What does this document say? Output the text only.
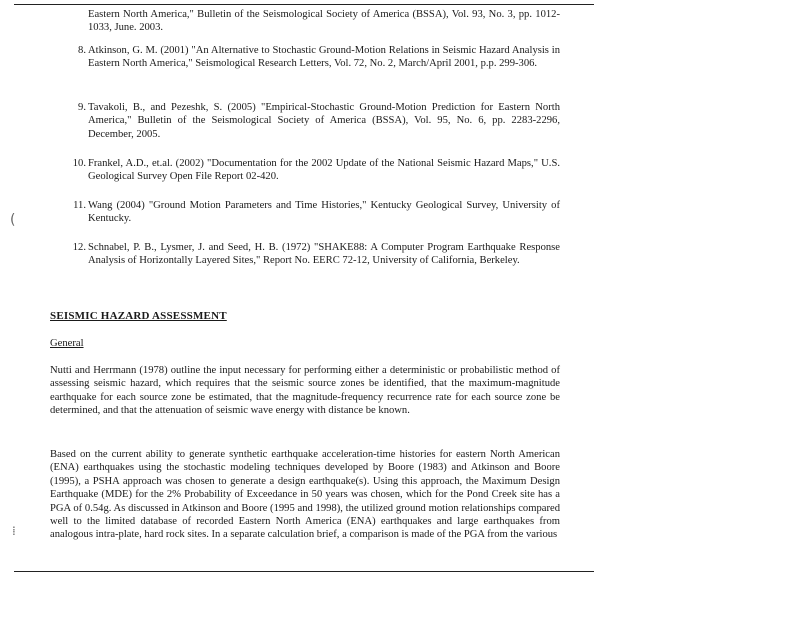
Eastern North America," Bulletin of the Seismological Society of America (BSSA), Vol. 93, No. 3, pp. 1012-1033, June. 2003.
8. Atkinson, G. M. (2001) "An Alternative to Stochastic Ground-Motion Relations in Seismic Hazard Analysis in Eastern North America," Seismological Research Letters, Vol. 72, No. 2, March/April 2001, p.p. 299-306.
9. Tavakoli, B., and Pezeshk, S. (2005) "Empirical-Stochastic Ground-Motion Prediction for Eastern North America," Bulletin of the Seismological Society of America (BSSA), Vol. 95, No. 6, pp. 2283-2296, December, 2005.
10. Frankel, A.D., et.al. (2002) "Documentation for the 2002 Update of the National Seismic Hazard Maps," U.S. Geological Survey Open File Report 02-420.
11. Wang (2004) "Ground Motion Parameters and Time Histories," Kentucky Geological Survey, University of Kentucky.
12. Schnabel, P. B., Lysmer, J. and Seed, H. B. (1972) "SHAKE88: A Computer Program Earthquake Response Analysis of Horizontally Layered Sites," Report No. EERC 72-12, University of California, Berkeley.
SEISMIC HAZARD ASSESSMENT
General
Nutti and Herrmann (1978) outline the input necessary for performing either a deterministic or probabilistic method of assessing seismic hazard, which requires that the seismic source zones be identified, that the maximum-magnitude earthquake for each source zone be estimated, that the magnitude-frequency recurrence rate for each source zone be determined, and that the attenuation of seismic wave energy with distance be known.
Based on the current ability to generate synthetic earthquake acceleration-time histories for eastern North American (ENA) earthquakes using the stochastic modeling techniques developed by Boore (1983) and Atkinson and Boore (1995), a PSHA approach was chosen to generate a design earthquake(s). Using this approach, the Maximum Design Earthquake (MDE) for the 2% Probability of Exceedance in 50 years was chosen, which for the Pond Creek site has a PGA of 0.54g. As discussed in Atkinson and Boore (1995 and 1998), the utilized ground motion relationships compared well to the limited database of recorded Eastern North America (ENA) earthquakes and large earthquakes from analogous intra-plate, hard rock sites. In a separate calculation brief, a comparison is made of the PGA from the various
(
⁞
